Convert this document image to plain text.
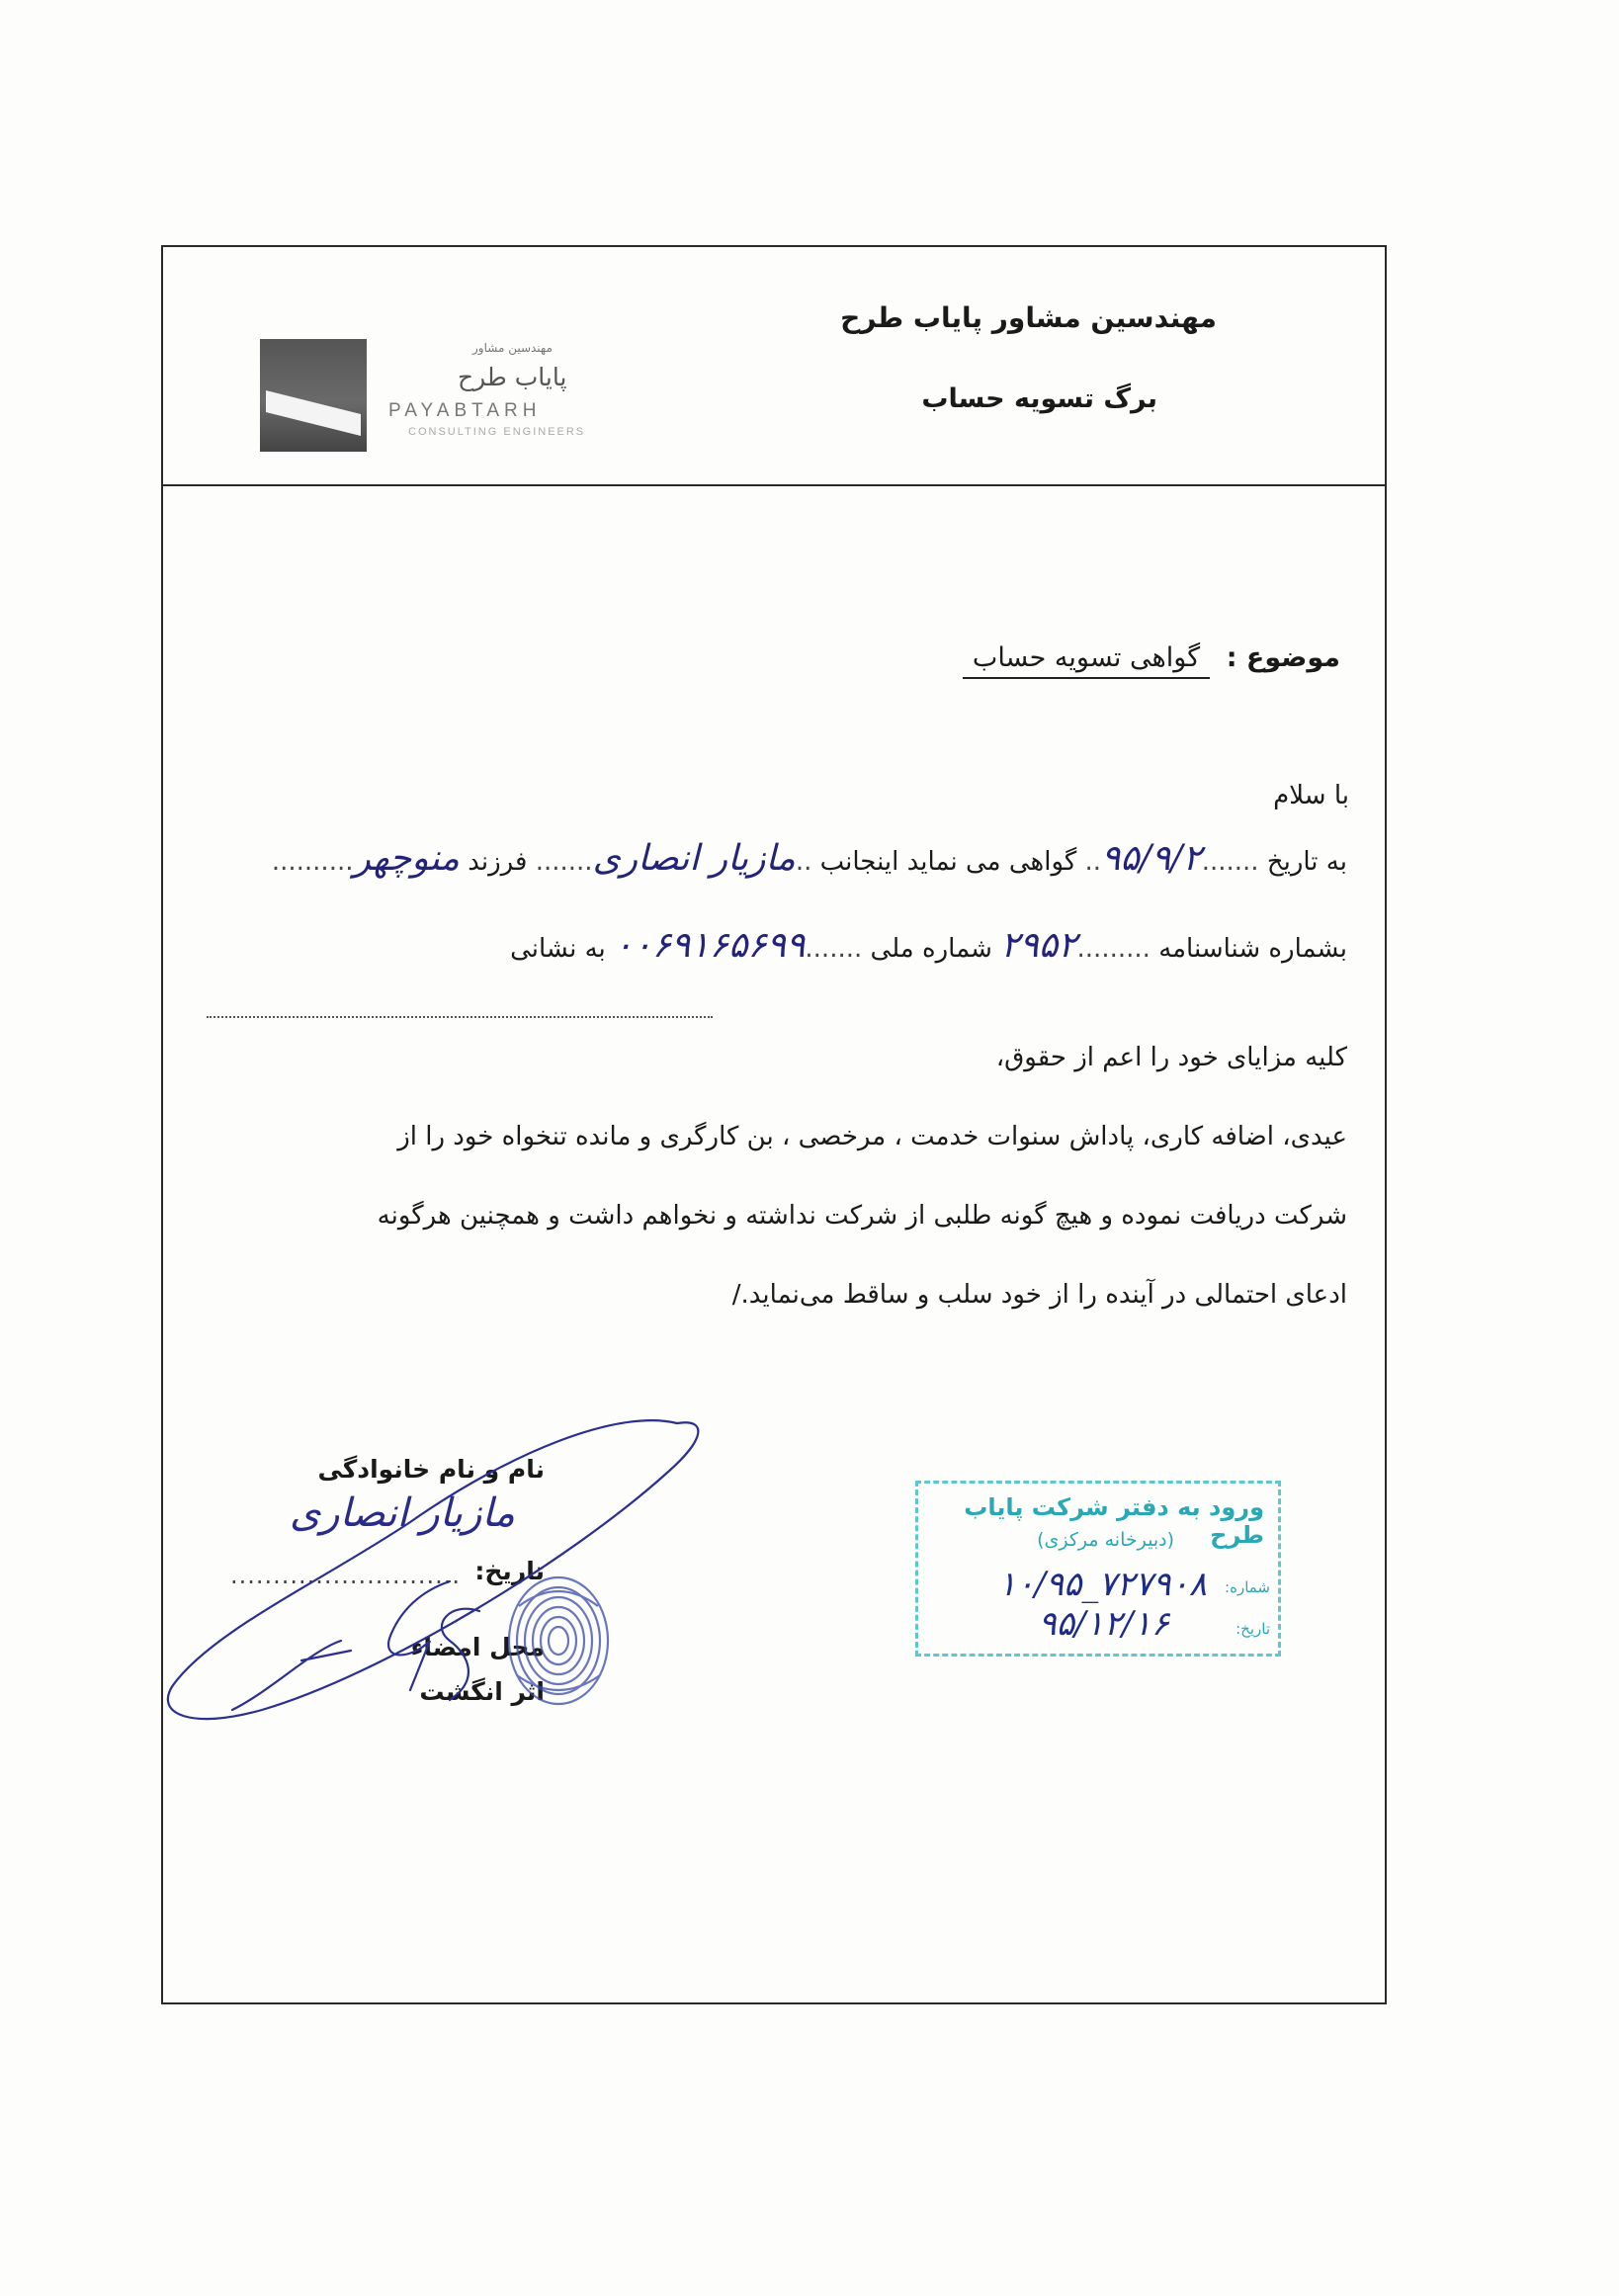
مهندسین مشاور پایاب طرح
برگ تسویه حساب
مهندسین مشاور
پایاب طرح
PAYABTARH
CONSULTING ENGINEERS
موضوع : گواهی تسویه حساب
با سلام
به تاریخ .......۹۵/۹/۲.. گواهی می نماید اینجانب ..مازیار انصاری....... فرزند منوچهر..........
بشماره شناسنامه .........۲۹۵۲ شماره ملی .......۰۰۶۹۱۶۵۶۹۹ به نشانی
کلیه مزایای خود را اعم از حقوق،
عیدی، اضافه کاری، پاداش سنوات خدمت ، مرخصی ، بن کارگری و مانده تنخواه خود را از
شرکت دریافت نموده و هیچ گونه طلبی از شرکت نداشته و نخواهم داشت و همچنین هرگونه
ادعای احتمالی در آینده را از خود سلب و ساقط می‌نماید./
نام و نام خانوادگی
مازیار انصاری
تاریخ:
...........................
محل امضاء
اثر انگشت
ورود به دفتر شرکت پایاب طرح
(دبیرخانه مرکزی)
شماره:
۱۰/۹۵_۷۲۷۹۰۸
تاریخ:
۹۵/۱۲/۱۶
